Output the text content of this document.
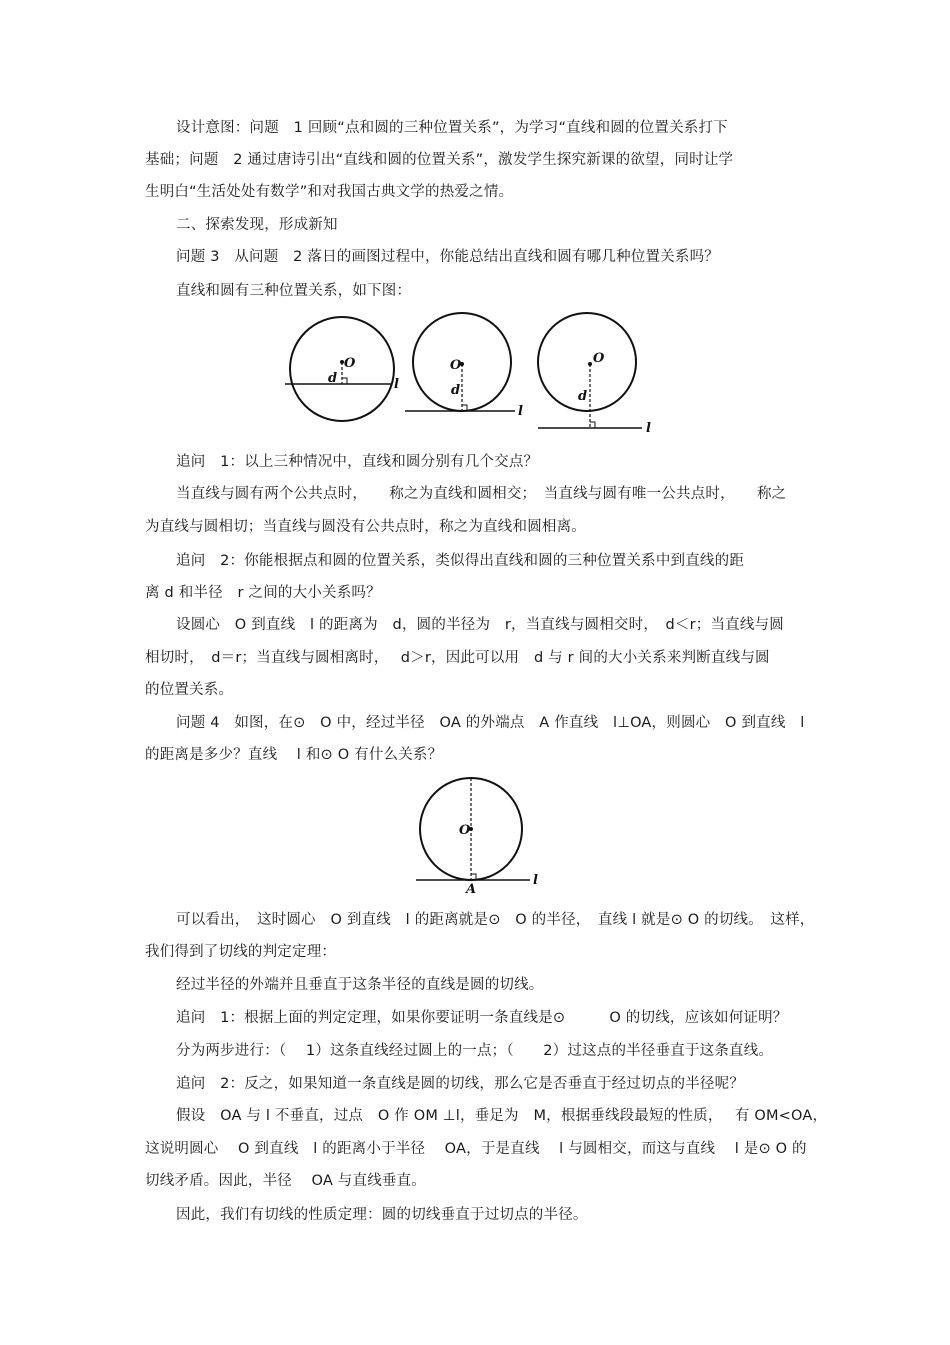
设计意图：问题　1 回顾“点和圆的三种位置关系”，为学习“直线和圆的位置关系打下
基础；问题　2 通过唐诗引出“直线和圆的位置关系”，激发学生探究新课的欲望，同时让学
生明白“生活处处有数学”和对我国古典文学的热爱之情。
二、探索发现，形成新知
问题 3　从问题　2 落日的画图过程中，你能总结出直线和圆有哪几种位置关系吗？
直线和圆有三种位置关系，如下图：
O
d	l
O
d
l
O
d
l
追问　1：以上三种情况中，直线和圆分别有几个交点？
当直线与圆有两个公共点时，　　称之为直线和圆相交；　当直线与圆有唯一公共点时，　　称之
为直线与圆相切；当直线与圆没有公共点时，称之为直线和圆相离。
追问　2：你能根据点和圆的位置关系，类似得出直线和圆的三种位置关系中到直线的距
离 d 和半径　r 之间的大小关系吗？
设圆心　O 到直线　l 的距离为　d，圆的半径为　r，当直线与圆相交时，　d＜r；当直线与圆
相切时，　d＝r；当直线与圆相离时，　 d＞r，因此可以用　d 与 r 间的大小关系来判断直线与圆
的位置关系。
问题 4　如图，在⊙　O 中，经过半径　OA 的外端点　A 作直线　l⊥OA，则圆心　O 到直线　l
的距离是多少？直线　 l 和⊙ O 有什么关系？
O
A
l
可以看出，　这时圆心　O 到直线　l 的距离就是⊙　O 的半径，　直线 l 就是⊙ O 的切线。　这样，
我们得到了切线的判定定理：
经过半径的外端并且垂直于这条半径的直线是圆的切线。
追问　1：根据上面的判定定理，如果你要证明一条直线是⊙　　　O 的切线，应该如何证明？
分为两步进行：（　 1）这条直线经过圆上的一点；（　　2）过这点的半径垂直于这条直线。
追问　2：反之，如果知道一条直线是圆的切线，那么它是否垂直于经过切点的半径呢？
假设　OA 与 l 不垂直，过点　O 作 OM ⊥l，垂足为　M，根据垂线段最短的性质，　 有 OM<OA，
这说明圆心　 O 到直线　l 的距离小于半径　 OA，于是直线　 l 与圆相交，而这与直线　 l 是⊙ O 的
切线矛盾。因此，半径　 OA 与直线垂直。
因此，我们有切线的性质定理：圆的切线垂直于过切点的半径。
